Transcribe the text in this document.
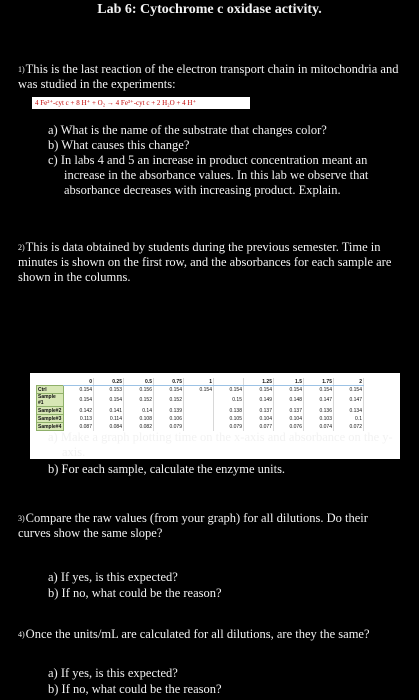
Lab 6: Cytochrome c oxidase activity.
1)This is the last reaction of the electron transport chain in mitochondria and was studied in the experiments:
4 Fe²⁺-cyt c + 8 H⁺ + O₂ → 4 Fe³⁺-cyt c + 2 H₂O + 4 H⁺
a) What is the name of the substrate that changes color?
b) What causes this change?
c) In labs 4 and 5 an increase in product concentration meant an increase in the absorbance values. In this lab we observe that absorbance decreases with increasing product. Explain.
2)This is data obtained by students during the previous semester. Time in minutes is shown on the first row, and the absorbances for each sample are shown in the columns.
	0	0.25	0.5	0.75	1		1.25	1.5	1.75	2
Ctrl	0.154	0.153	0.156	0.154	0.154	0.154	0.154	0.154	0.154	0.154
Sample #1	0.154	0.154	0.152	0.152		0.15	0.149	0.148	0.147	0.147
Sample#2	0.142	0.141	0.14	0.139		0.138	0.137	0.137	0.136	0.134
Sample#3	0.113	0.114	0.108	0.106		0.105	0.104	0.104	0.103	0.1
Sample#4	0.087	0.084	0.082	0.079		0.079	0.077	0.076	0.074	0.072
a) Make a graph plotting time on the x-axis and absorbance on the y-axis.
b) For each sample, calculate the enzyme units.
3)Compare the raw values (from your graph) for all dilutions. Do their curves show the same slope?
a) If yes, is this expected?
b) If no, what could be the reason?
4)Once the units/mL are calculated for all dilutions, are they the same?
a) If yes, is this expected?
b) If no, what could be the reason?
